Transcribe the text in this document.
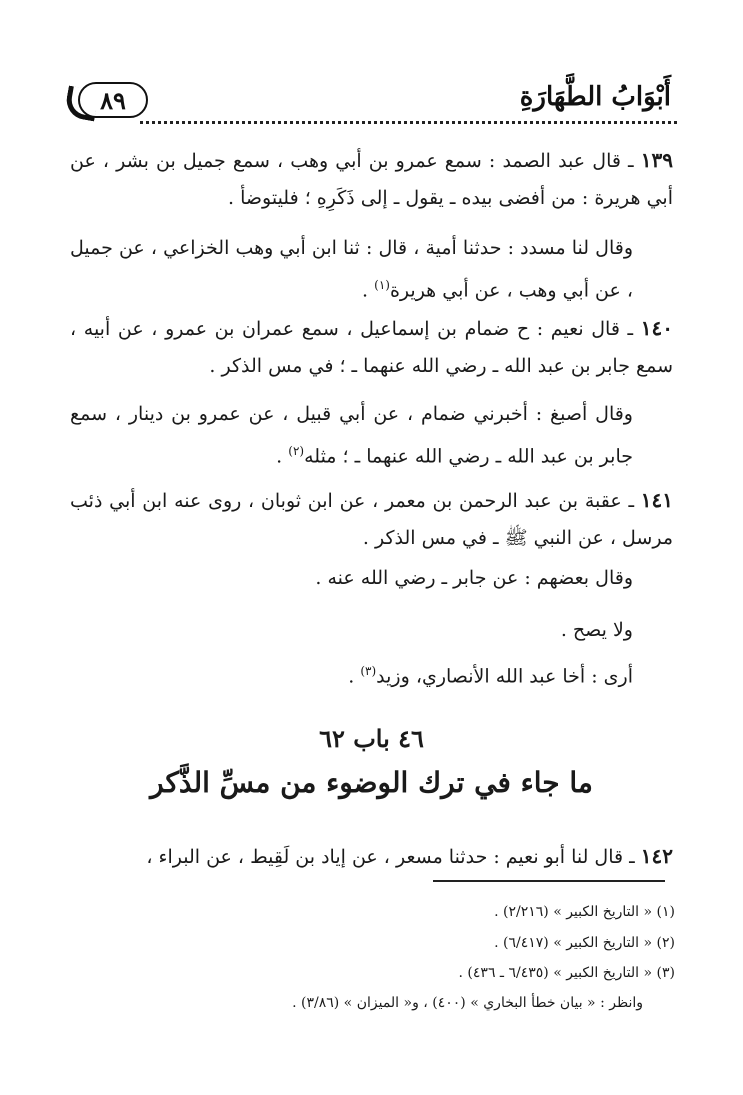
أَبْوَابُ الطَّهَارَةِ
٨٩
١٣٩ ـ قال عبد الصمد : سمع عمرو بن أبي وهب ، سمع جميل بن بشر ، عن أبي هريرة : من أفضى بيده ـ يقول ـ إلى ذَكَرِهِ ؛ فليتوضأ .
وقال لنا مسدد : حدثنا أمية ، قال : ثنا ابن أبي وهب الخزاعي ، عن جميل ، عن أبي وهب ، عن أبي هريرة$^{(١)}$ .
١٤٠ ـ قال نعيم : ح ضمام بن إسماعيل ، سمع عمران بن عمرو ، عن أبيه ، سمع جابر بن عبد الله ـ رضي الله عنهما ـ ؛ في مس الذكر .
وقال أصبغ : أخبرني ضمام ، عن أبي قبيل ، عن عمرو بن دينار ، سمع جابر بن عبد الله ـ رضي الله عنهما ـ ؛ مثله$^{(٢)}$ .
١٤١ ـ عقبة بن عبد الرحمن بن معمر ، عن ابن ثوبان ، روى عنه ابن أبي ذئب مرسل ، عن النبي ﷺ ـ في مس الذكر .
وقال بعضهم : عن جابر ـ رضي الله عنه .
ولا يصح .
أرى : أخا عبد الله الأنصاري، وزيد$^{(٣)}$ .
٤٦ باب ٦٢
ما جاء في ترك الوضوء من مسِّ الذَّكر
١٤٢ ـ قال لنا أبو نعيم : حدثنا مسعر ، عن إياد بن لَقِيط ، عن البراء ،
(١) « التاريخ الكبير » (٢/٢١٦) .
(٢) « التاريخ الكبير » (٦/٤١٧) .
(٣) « التاريخ الكبير » (٦/٤٣٥ ـ ٤٣٦) .
وانظر : « بيان خطأ البخاري » (٤٠٠) ، و« الميزان » (٣/٨٦) .
